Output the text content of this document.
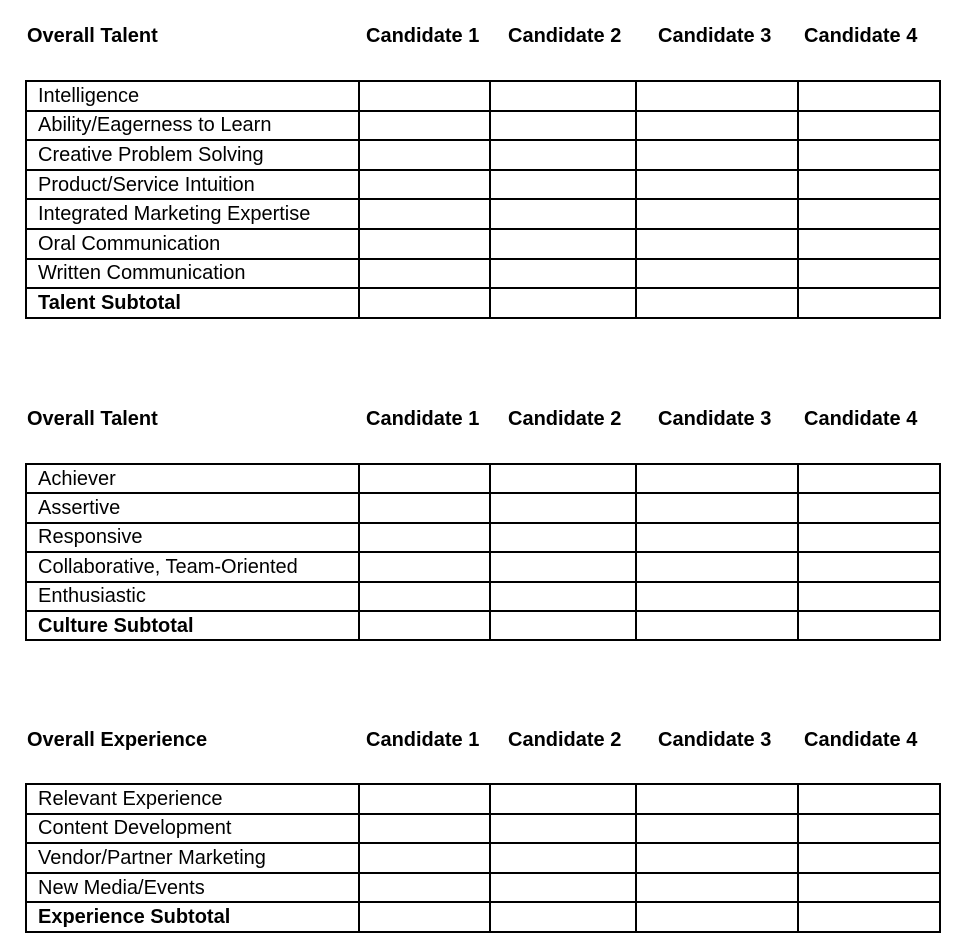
Overall Talent	Candidate 1 Candidate 2 Candidate 3 Candidate 4
Intelligence				
Ability/Eagerness to Learn				
Creative Problem Solving				
Product/Service Intuition				
Integrated Marketing Expertise				
Oral Communication				
Written Communication				
Talent Subtotal				
Overall Talent	Candidate 1 Candidate 2 Candidate 3 Candidate 4
Achiever				
Assertive				
Responsive				
Collaborative, Team-Oriented				
Enthusiastic				
Culture Subtotal				
Overall Experience	Candidate 1 Candidate 2 Candidate 3 Candidate 4
Relevant Experience				
Content Development				
Vendor/Partner Marketing				
New Media/Events				
Experience Subtotal				
